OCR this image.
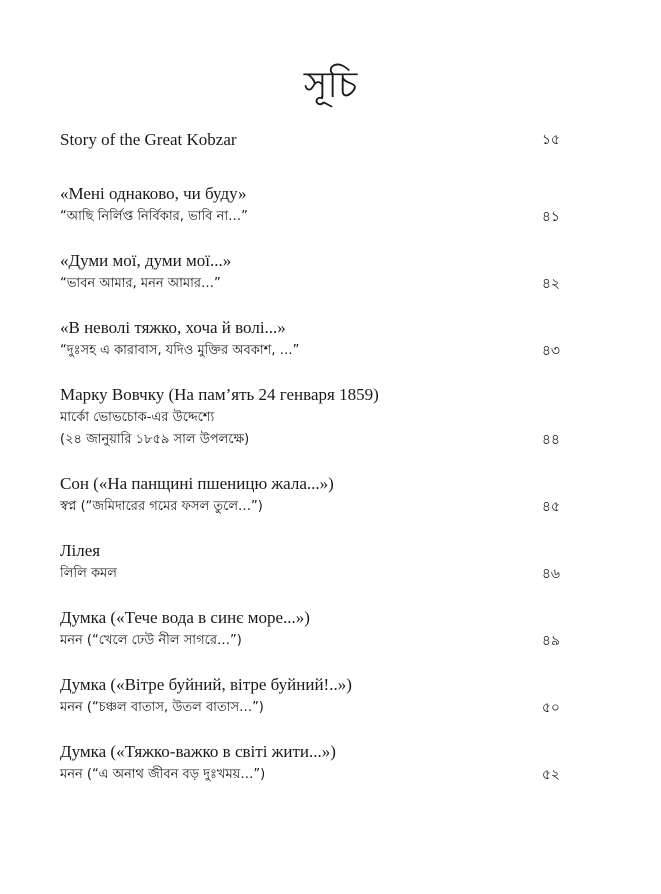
সূচি
Story of the Great Kobzar	১৫
«Мені однаково, чи буду»
“আছি নির্লিপ্ত নির্বিকার, ভাবি না…”	৪১
«Думи мої, думи мої...»
“ভাবন আমার, মনন আমার…”	৪২
«В неволі тяжко, хоча й волі...»
“দুঃসহ এ কারাবাস, যদিও মুক্তির অবকাশ, …”	৪৩
Марку Вовчку (На пам’ять 24 генваря 1859)
মার্কো ভোভচোক-এর উদ্দেশ্যে
(২৪ জানুয়ারি ১৮৫৯ সাল উপলক্ষে)	৪৪
Сон («На панщині пшеницю жала...»)
স্বপ্ন (“জমিদারের গমের ফসল তুলে…”)	৪৫
Лілея
লিলি কমল	৪৬
Думка («Тече вода в синє море...»)
মনন (“খেলে ঢেউ নীল সাগরে…”)	৪৯
Думка («Вітре буйний, вітре буйний!..»)
মনন (“চঞ্চল বাতাস, উতল বাতাস…”)	৫০
Думка («Тяжко-важко в світі жити...»)
মনন (“এ অনাথ জীবন বড় দুঃখময়…”)	৫২
